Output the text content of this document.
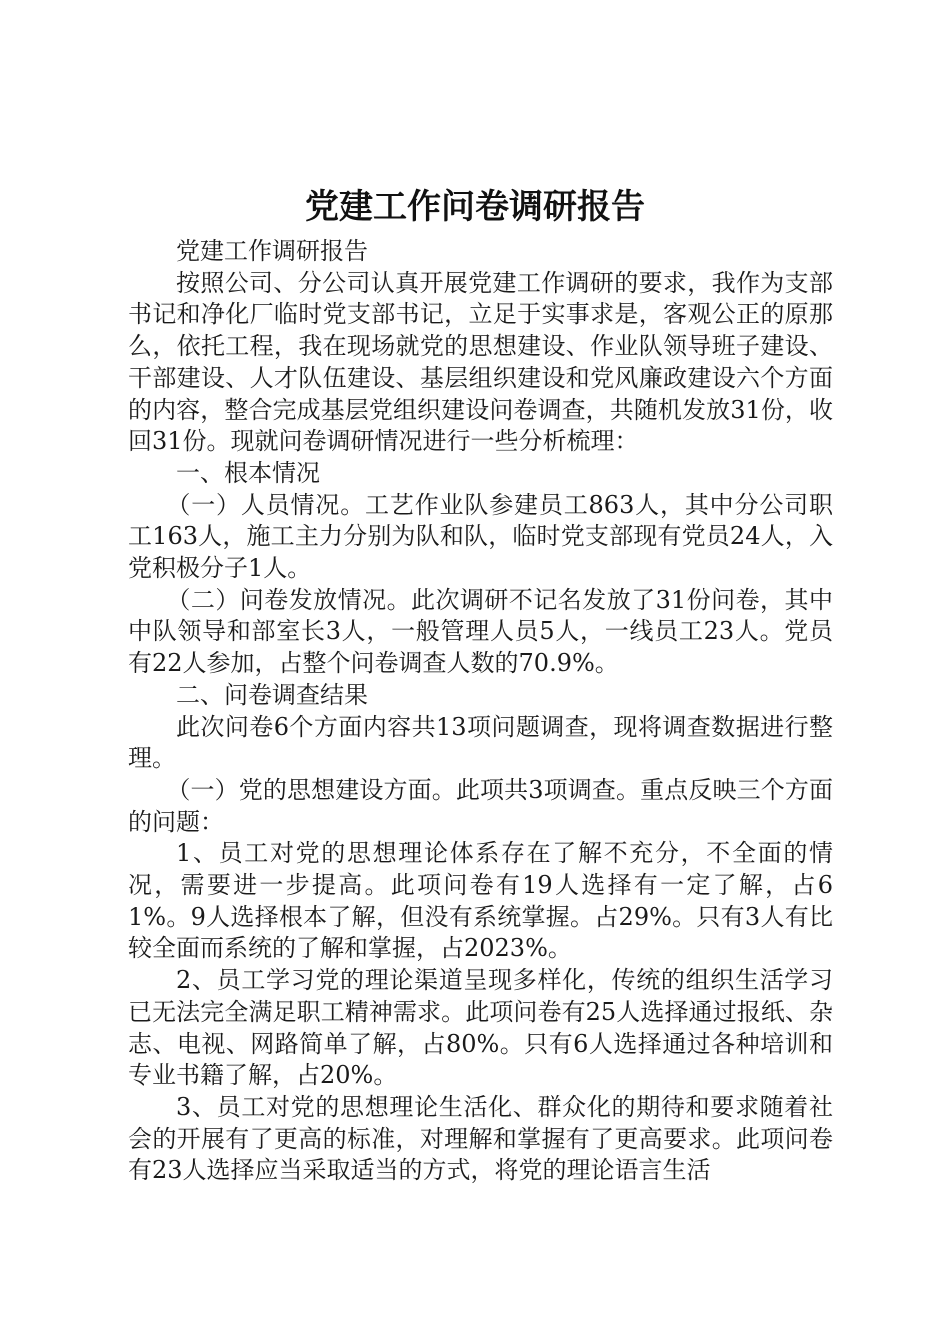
党建工作问卷调研报告

党建工作调研报告

按照公司、分公司认真开展党建工作调研的要求，我作为支部书记和净化厂临时党支部书记，立足于实事求是，客观公正的原那么，依托工程，我在现场就党的思想建设、作业队领导班子建设、干部建设、人才队伍建设、基层组织建设和党风廉政建设六个方面的内容，整合完成基层党组织建设问卷调查，共随机发放31份，收回31份。现就问卷调研情况进行一些分析梳理：

一、根本情况

（一）人员情况。工艺作业队参建员工863人，其中分公司职工163人，施工主力分别为队和队，临时党支部现有党员24人，入党积极分子1人。

（二）问卷发放情况。此次调研不记名发放了31份问卷，其中中队领导和部室长3人，一般管理人员5人，一线员工23人。党员有22人参加，占整个问卷调查人数的70.9%。

二、问卷调查结果

此次问卷6个方面内容共13项问题调查，现将调查数据进行整理。

（一）党的思想建设方面。此项共3项调查。重点反映三个方面的问题：

1、员工对党的思想理论体系存在了解不充分，不全面的情况，需要进一步提高。此项问卷有19人选择有一定了解，占61%。9人选择根本了解，但没有系统掌握。占29%。只有3人有比较全面而系统的了解和掌握，占2023%。

2、员工学习党的理论渠道呈现多样化，传统的组织生活学习已无法完全满足职工精神需求。此项问卷有25人选择通过报纸、杂志、电视、网路简单了解，占80%。只有6人选择通过各种培训和专业书籍了解，占20%。

3、员工对党的思想理论生活化、群众化的期待和要求随着社会的开展有了更高的标准，对理解和掌握有了更高要求。此项问卷有23人选择应当采取适当的方式，将党的理论语言生活
